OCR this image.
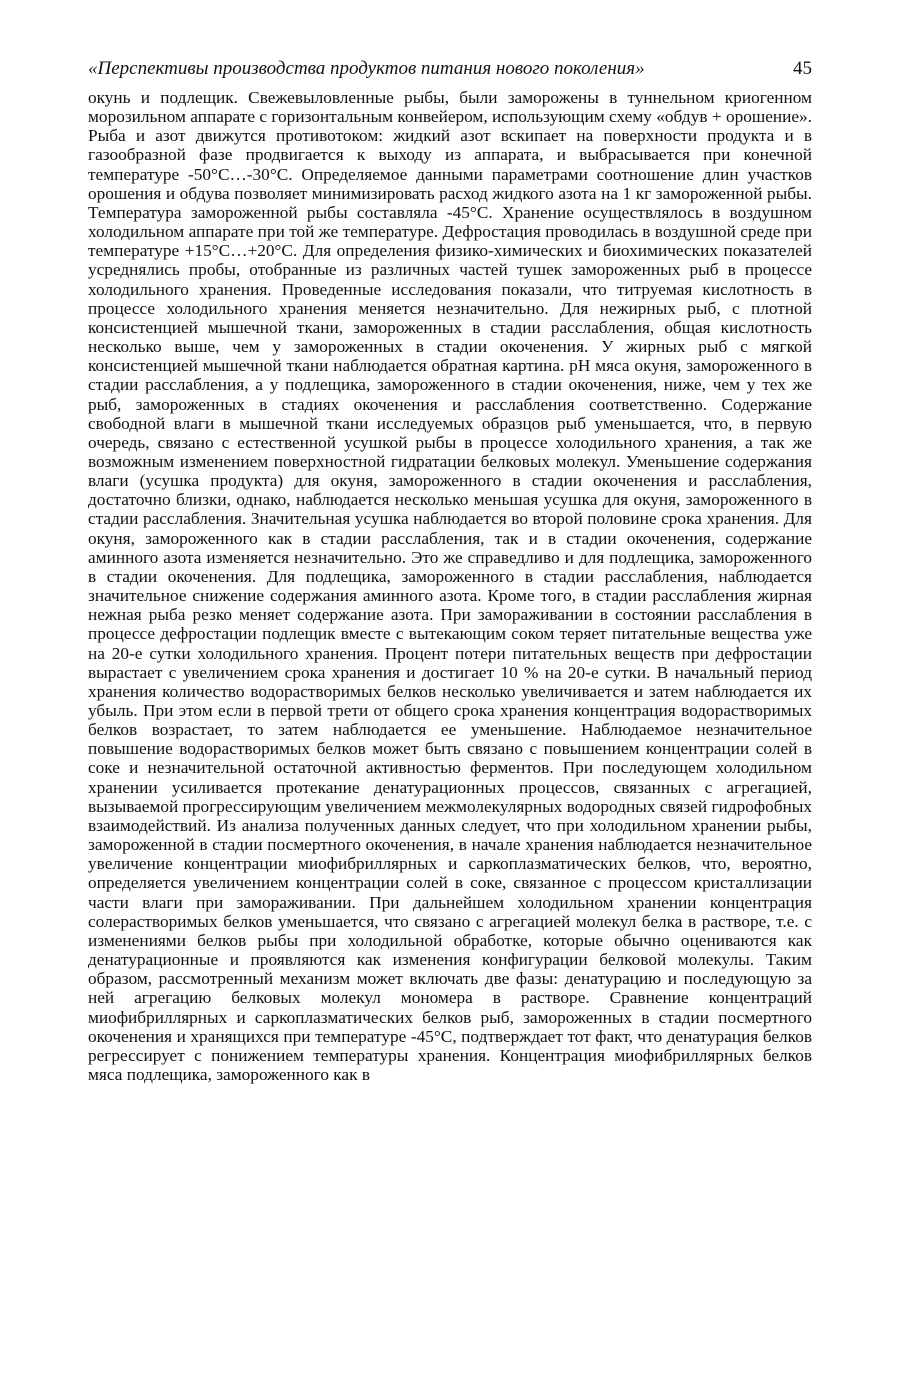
«Перспективы производства продуктов питания нового поколения»	45

окунь и подлещик. Свежевыловленные рыбы, были заморожены в туннельном криогенном морозильном аппарате с горизонтальным конвейером, использующим схему «обдув + орошение». Рыба и азот движутся противотоком: жидкий азот вскипает на поверхности продукта и в газообразной фазе продвигается к выходу из аппарата, и выбрасывается при конечной температуре -50°С…-30°С. Определяемое данными параметрами соотношение длин участков орошения и обдува позволяет минимизировать расход жидкого азота на 1 кг замороженной рыбы. Температура замороженной рыбы составляла -45°С. Хранение осуществлялось в воздушном холодильном аппарате при той же температуре. Дефростация проводилась в воздушной среде при температуре +15°С…+20°С. Для определения физико-химических и биохимических показателей усреднялись пробы, отобранные из различных частей тушек замороженных рыб в процессе холодильного хранения. Проведенные исследования показали, что титруемая кислотность в процессе холодильного хранения меняется незначительно. Для нежирных рыб, с плотной консистенцией мышечной ткани, замороженных в стадии расслабления, общая кислотность несколько выше, чем у замороженных в стадии окоченения. У жирных рыб с мягкой консистенцией мышечной ткани наблюдается обратная картина. pH мяса окуня, замороженного в стадии расслабления, а у подлещика, замороженного в стадии окоченения, ниже, чем у тех же рыб, замороженных в стадиях окоченения и расслабления соответственно. Содержание свободной влаги в мышечной ткани исследуемых образцов рыб уменьшается, что, в первую очередь, связано с естественной усушкой рыбы в процессе холодильного хранения, а так же возможным изменением поверхностной гидратации белковых молекул. Уменьшение содержания влаги (усушка продукта) для окуня, замороженного в стадии окоченения и расслабления, достаточно близки, однако, наблюдается несколько меньшая усушка для окуня, замороженного в стадии расслабления. Значительная усушка наблюдается во второй половине срока хранения. Для окуня, замороженного как в стадии расслабления, так и в стадии окоченения, содержание аминного азота изменяется незначительно. Это же справедливо и для подлещика, замороженного в стадии окоченения. Для подлещика, замороженного в стадии расслабления, наблюдается значительное снижение содержания аминного азота. Кроме того, в стадии расслабления жирная нежная рыба резко меняет содержание азота. При замораживании в состоянии расслабления в процессе дефростации подлещик вместе с вытекающим соком теряет питательные вещества уже на 20-е сутки холодильного хранения. Процент потери питательных веществ при дефростации вырастает с увеличением срока хранения и достигает 10 % на 20-е сутки. В начальный период хранения количество водорастворимых белков несколько увеличивается и затем наблюдается их убыль. При этом если в первой трети от общего срока хранения концентрация водорастворимых белков возрастает, то затем наблюдается ее уменьшение. Наблюдаемое незначительное повышение водорастворимых белков может быть связано с повышением концентрации солей в соке и незначительной остаточной активностью ферментов. При последующем холодильном хранении усиливается протекание денатурационных процессов, связанных с агрегацией, вызываемой прогрессирующим увеличением межмолекулярных водородных связей гидрофобных взаимодействий. Из анализа полученных данных следует, что при холодильном хранении рыбы, замороженной в стадии посмертного окоченения, в начале хранения наблюдается незначительное увеличение концентрации миофибриллярных и саркоплазматических белков, что, вероятно, определяется увеличением концентрации солей в соке, связанное с процессом кристаллизации части влаги при замораживании. При дальнейшем холодильном хранении концентрация солерастворимых белков уменьшается, что связано с агрегацией молекул белка в растворе, т.е. с изменениями белков рыбы при холодильной обработке, которые обычно оцениваются как денатурационные и проявляются как изменения конфигурации белковой молекулы. Таким образом, рассмотренный механизм может включать две фазы: денатурацию и последующую за ней агрегацию белковых молекул мономера в растворе. Сравнение концентраций миофибриллярных и саркоплазматических белков рыб, замороженных в стадии посмертного окоченения и хранящихся при температуре -45°С, подтверждает тот факт, что денатурация белков регрессирует с понижением температуры хранения. Концентрация миофибриллярных белков мяса подлещика, замороженного как в
